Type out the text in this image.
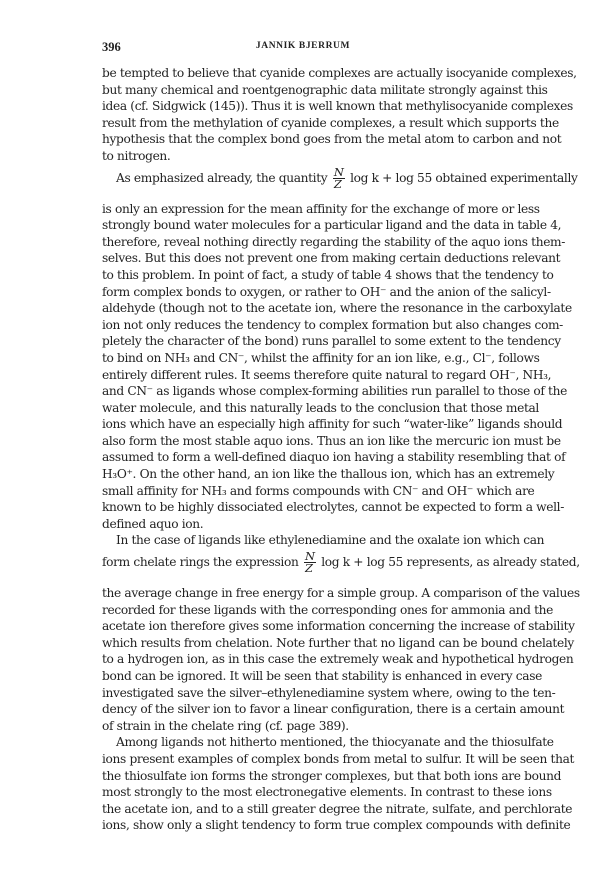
396	JANNIK BJERRUM

be tempted to believe that cyanide complexes are actually isocyanide complexes,
but many chemical and roentgenographic data militate strongly against this
idea (cf. Sidgwick (145)). Thus it is well known that methylisocyanide complexes
result from the methylation of cyanide complexes, a result which supports the
hypothesis that the complex bond goes from the metal atom to carbon and not
to nitrogen.

As emphasized already, the quantity $\frac{N}{Z}$ log k + log 55 obtained experimentally
is only an expression for the mean affinity for the exchange of more or less
strongly bound water molecules for a particular ligand and the data in table 4,
therefore, reveal nothing directly regarding the stability of the aquo ions them-
selves. But this does not prevent one from making certain deductions relevant
to this problem. In point of fact, a study of table 4 shows that the tendency to
form complex bonds to oxygen, or rather to OH⁻ and the anion of the salicyl-
aldehyde (though not to the acetate ion, where the resonance in the carboxylate
ion not only reduces the tendency to complex formation but also changes com-
pletely the character of the bond) runs parallel to some extent to the tendency
to bind on NH₃ and CN⁻, whilst the affinity for an ion like, e.g., Cl⁻, follows
entirely different rules. It seems therefore quite natural to regard OH⁻, NH₃,
and CN⁻ as ligands whose complex-forming abilities run parallel to those of the
water molecule, and this naturally leads to the conclusion that those metal
ions which have an especially high affinity for such “water-like” ligands should
also form the most stable aquo ions. Thus an ion like the mercuric ion must be
assumed to form a well-defined diaquo ion having a stability resembling that of
H₃O⁺. On the other hand, an ion like the thallous ion, which has an extremely
small affinity for NH₃ and forms compounds with CN⁻ and OH⁻ which are
known to be highly dissociated electrolytes, cannot be expected to form a well-
defined aquo ion.

In the case of ligands like ethylenediamine and the oxalate ion which can
form chelate rings the expression $\frac{N}{Z}$ log k + log 55 represents, as already stated,
the average change in free energy for a simple group. A comparison of the values
recorded for these ligands with the corresponding ones for ammonia and the
acetate ion therefore gives some information concerning the increase of stability
which results from chelation. Note further that no ligand can be bound chelately
to a hydrogen ion, as in this case the extremely weak and hypothetical hydrogen
bond can be ignored. It will be seen that stability is enhanced in every case
investigated save the silver–ethylenediamine system where, owing to the ten-
dency of the silver ion to favor a linear configuration, there is a certain amount
of strain in the chelate ring (cf. page 389).

Among ligands not hitherto mentioned, the thiocyanate and the thiosulfate
ions present examples of complex bonds from metal to sulfur. It will be seen that
the thiosulfate ion forms the stronger complexes, but that both ions are bound
most strongly to the most electronegative elements. In contrast to these ions
the acetate ion, and to a still greater degree the nitrate, sulfate, and perchlorate
ions, show only a slight tendency to form true complex compounds with definite
